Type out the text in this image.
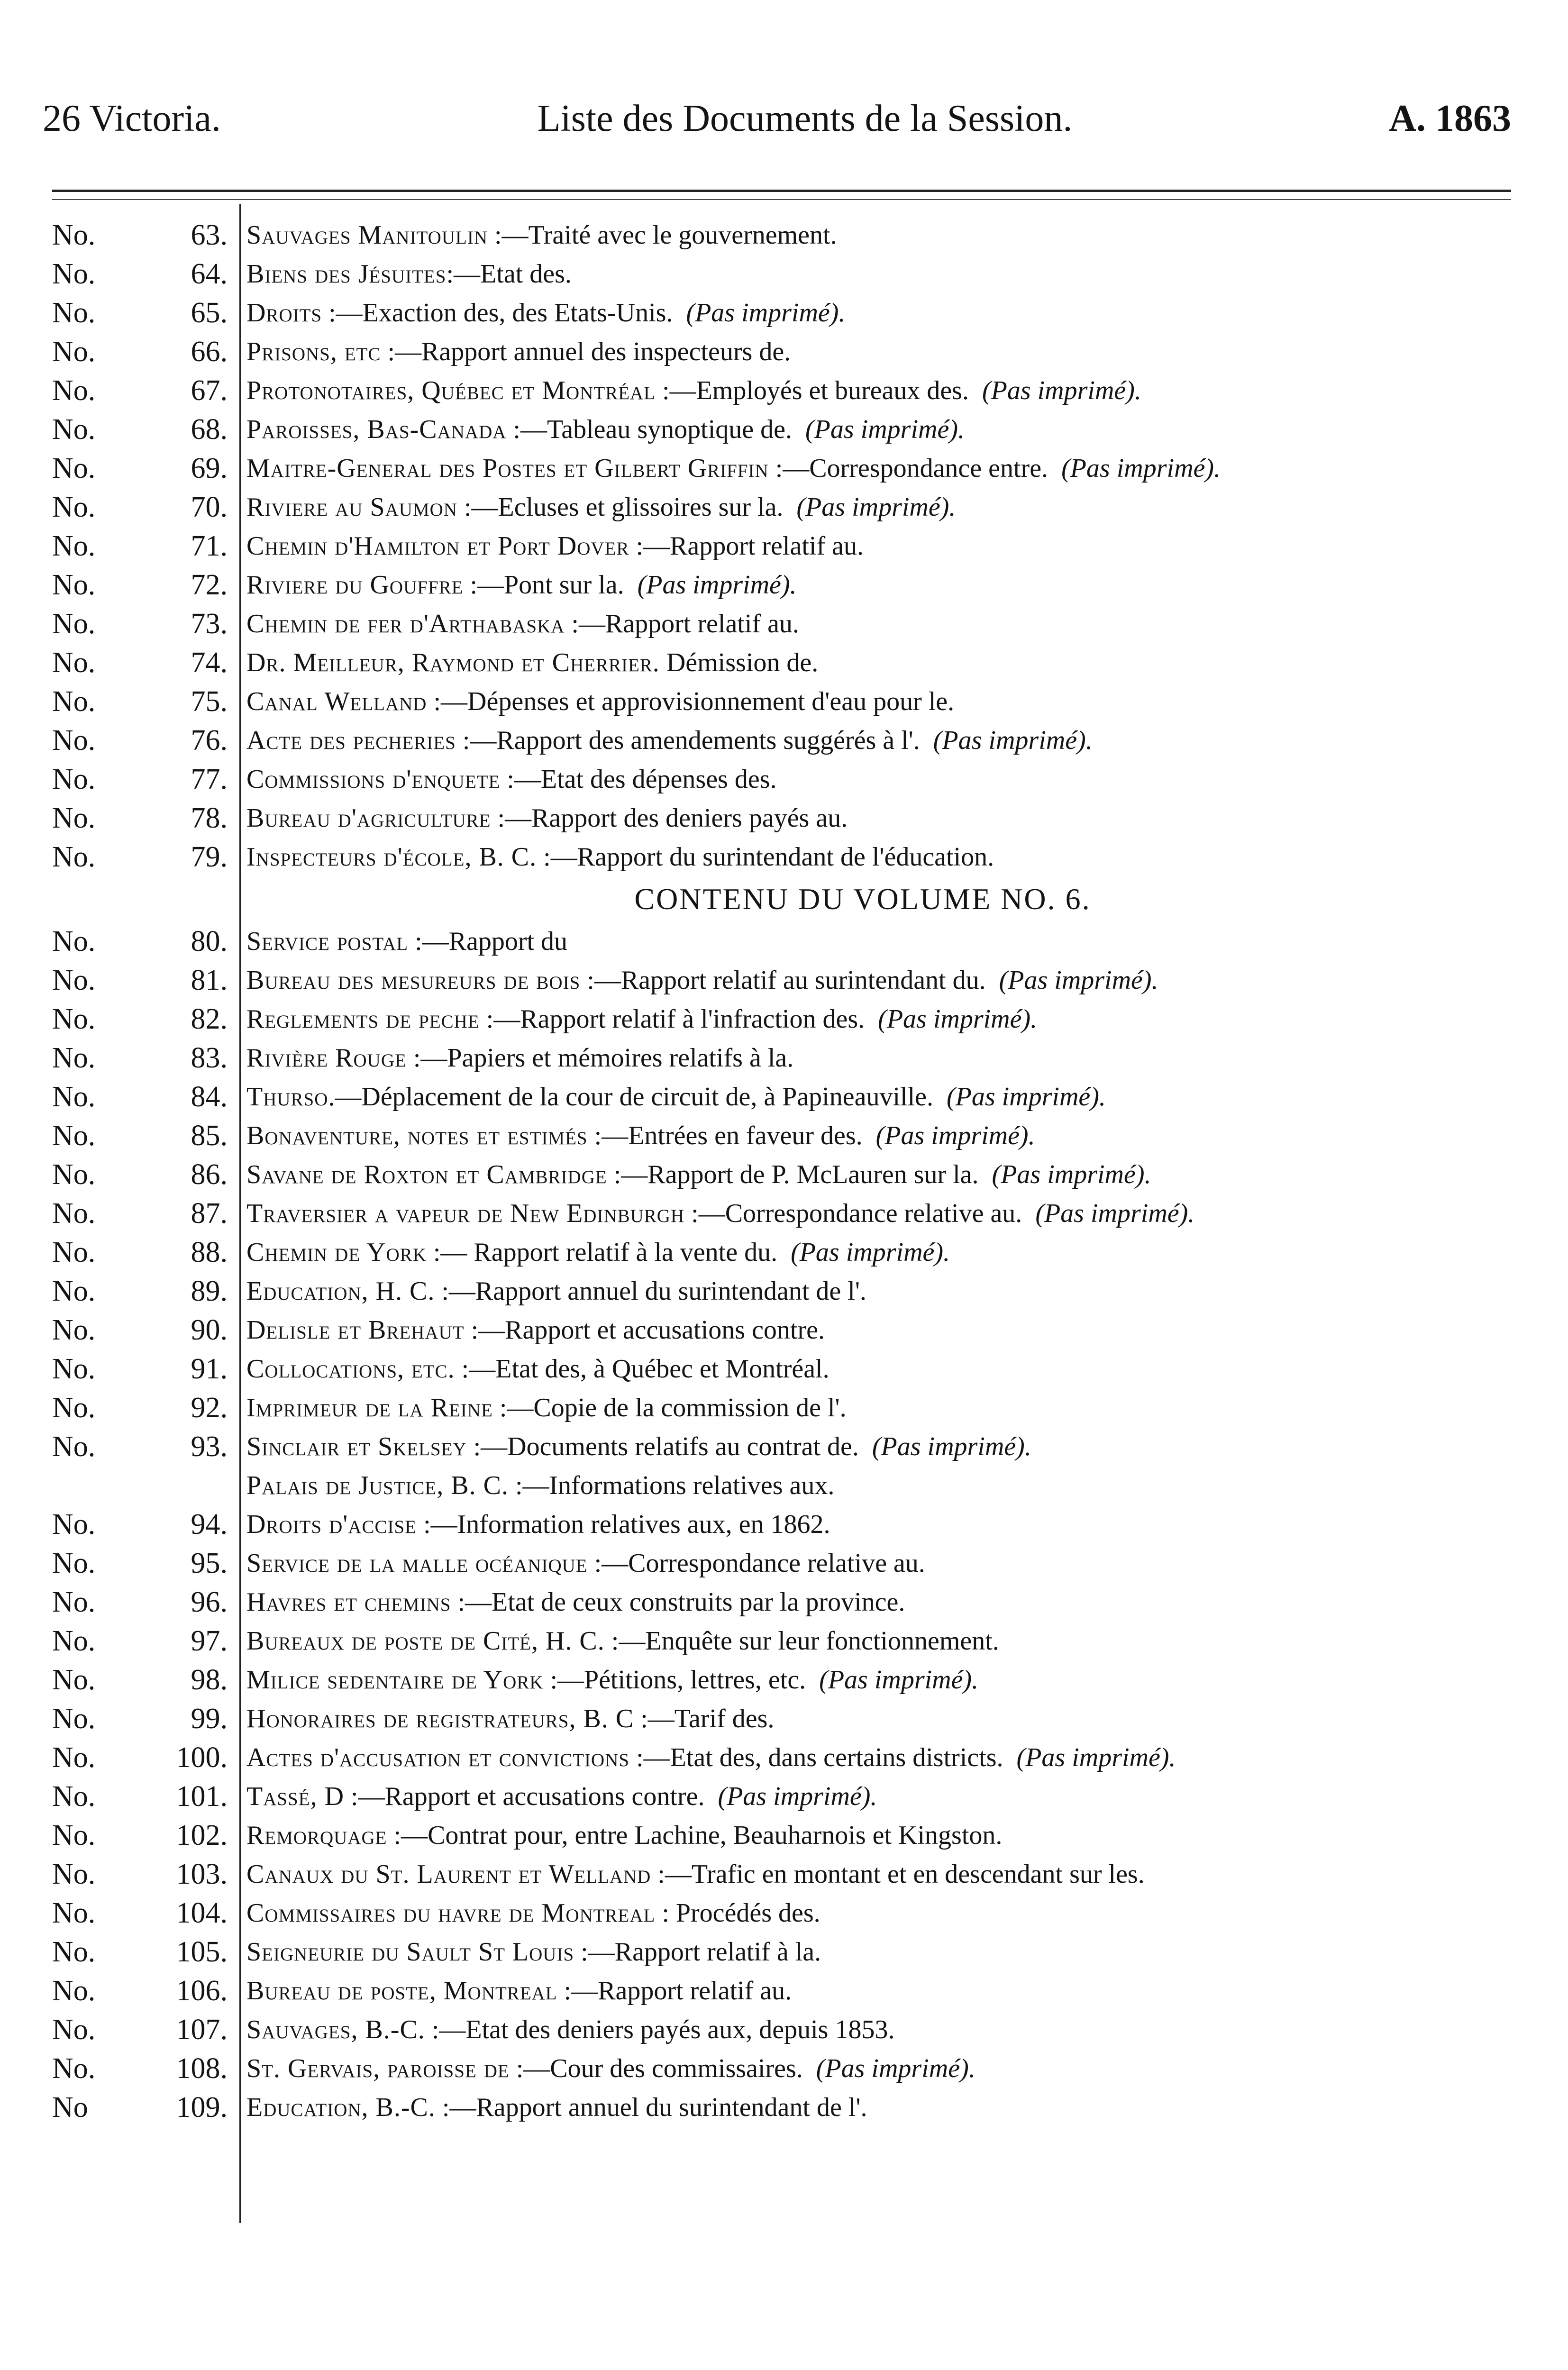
26 Victoria.	Liste des Documents de la Session.	A. 1863
No.	63. Sauvages Manitoulin :—Traité avec le gouvernement.
No.	64. Biens des Jésuites:—Etat des.
No.	65. Droits :—Exaction des, des Etats-Unis. (Pas imprimé).
No.	66. Prisons, etc :—Rapport annuel des inspecteurs de.
No.	67. Protonotaires, Québec et Montréal :—Employés et bureaux des. (Pas imprimé).
No.	68. Paroisses, Bas-Canada :—Tableau synoptique de. (Pas imprimé).
No.	69. Maitre-General des Postes et Gilbert Griffin :—Correspondance entre. (Pas imprimé).
No.	70. Riviere au Saumon :—Ecluses et glissoires sur la. (Pas imprimé).
No.	71. Chemin d'Hamilton et Port Dover :—Rapport relatif au.
No.	72. Riviere du Gouffre :—Pont sur la. (Pas imprimé).
No.	73. Chemin de fer d'Arthabaska :—Rapport relatif au.
No.	74. Dr. Meilleur, Raymond et Cherrier. Démission de.
No.	75. Canal Welland :—Dépenses et approvisionnement d'eau pour le.
No.	76. Acte des pecheries :—Rapport des amendements suggérés à l'. (Pas imprimé).
No.	77. Commissions d'enquete :—Etat des dépenses des.
No.	78. Bureau d'agriculture :—Rapport des deniers payés au.
No.	79. Inspecteurs d'école, B. C. :—Rapport du surintendant de l'éducation.
CONTENU DU VOLUME NO. 6.
No.	80. Service postal :—Rapport du
No.	81. Bureau des mesureurs de bois :—Rapport relatif au surintendant du. (Pas imprimé).
No.	82. Reglements de peche :—Rapport relatif à l'infraction des. (Pas imprimé).
No.	83. Rivière Rouge :—Papiers et mémoires relatifs à la.
No.	84. Thurso.—Déplacement de la cour de circuit de, à Papineauville. (Pas imprimé).
No.	85. Bonaventure, notes et estimés :—Entrées en faveur des. (Pas imprimé).
No.	86. Savane de Roxton et Cambridge :—Rapport de P. McLauren sur la. (Pas imprimé).
No.	87. Traversier a vapeur de New Edinburgh :—Correspondance relative au. (Pas imprimé).
No.	88. Chemin de York :— Rapport relatif à la vente du. (Pas imprimé).
No.	89. Education, H. C. :—Rapport annuel du surintendant de l'.
No.	90. Delisle et Brehaut :—Rapport et accusations contre.
No.	91. Collocations, etc. :—Etat des, à Québec et Montréal.
No.	92. Imprimeur de la Reine :—Copie de la commission de l'.
No.	93. Sinclair et Skelsey :—Documents relatifs au contrat de. (Pas imprimé).
Palais de Justice, B. C. :—Informations relatives aux.
No.	94. Droits d'accise :—Information relatives aux, en 1862.
No.	95. Service de la malle océanique :—Correspondance relative au.
No.	96. Havres et chemins :—Etat de ceux construits par la province.
No.	97. Bureaux de poste de Cité, H. C. :—Enquête sur leur fonctionnement.
No.	98. Milice sedentaire de York :—Pétitions, lettres, etc. (Pas imprimé).
No.	99. Honoraires de registrateurs, B. C :—Tarif des.
No.	100. Actes d'accusation et convictions :—Etat des, dans certains districts. (Pas imprimé).
No.	101. Tassé, D :—Rapport et accusations contre. (Pas imprimé).
No.	102. Remorquage :—Contrat pour, entre Lachine, Beauharnois et Kingston.
No.	103. Canaux du St. Laurent et Welland :—Trafic en montant et en descendant sur les.
No.	104. Commissaires du havre de Montreal : Procédés des.
No.	105. Seigneurie du Sault St Louis :—Rapport relatif à la.
No.	106. Bureau de poste, Montreal :—Rapport relatif au.
No.	107. Sauvages, B.-C. :—Etat des deniers payés aux, depuis 1853.
No.	108. St. Gervais, paroisse de :—Cour des commissaires. (Pas imprimé).
No	109. Education, B.-C. :—Rapport annuel du surintendant de l'.
